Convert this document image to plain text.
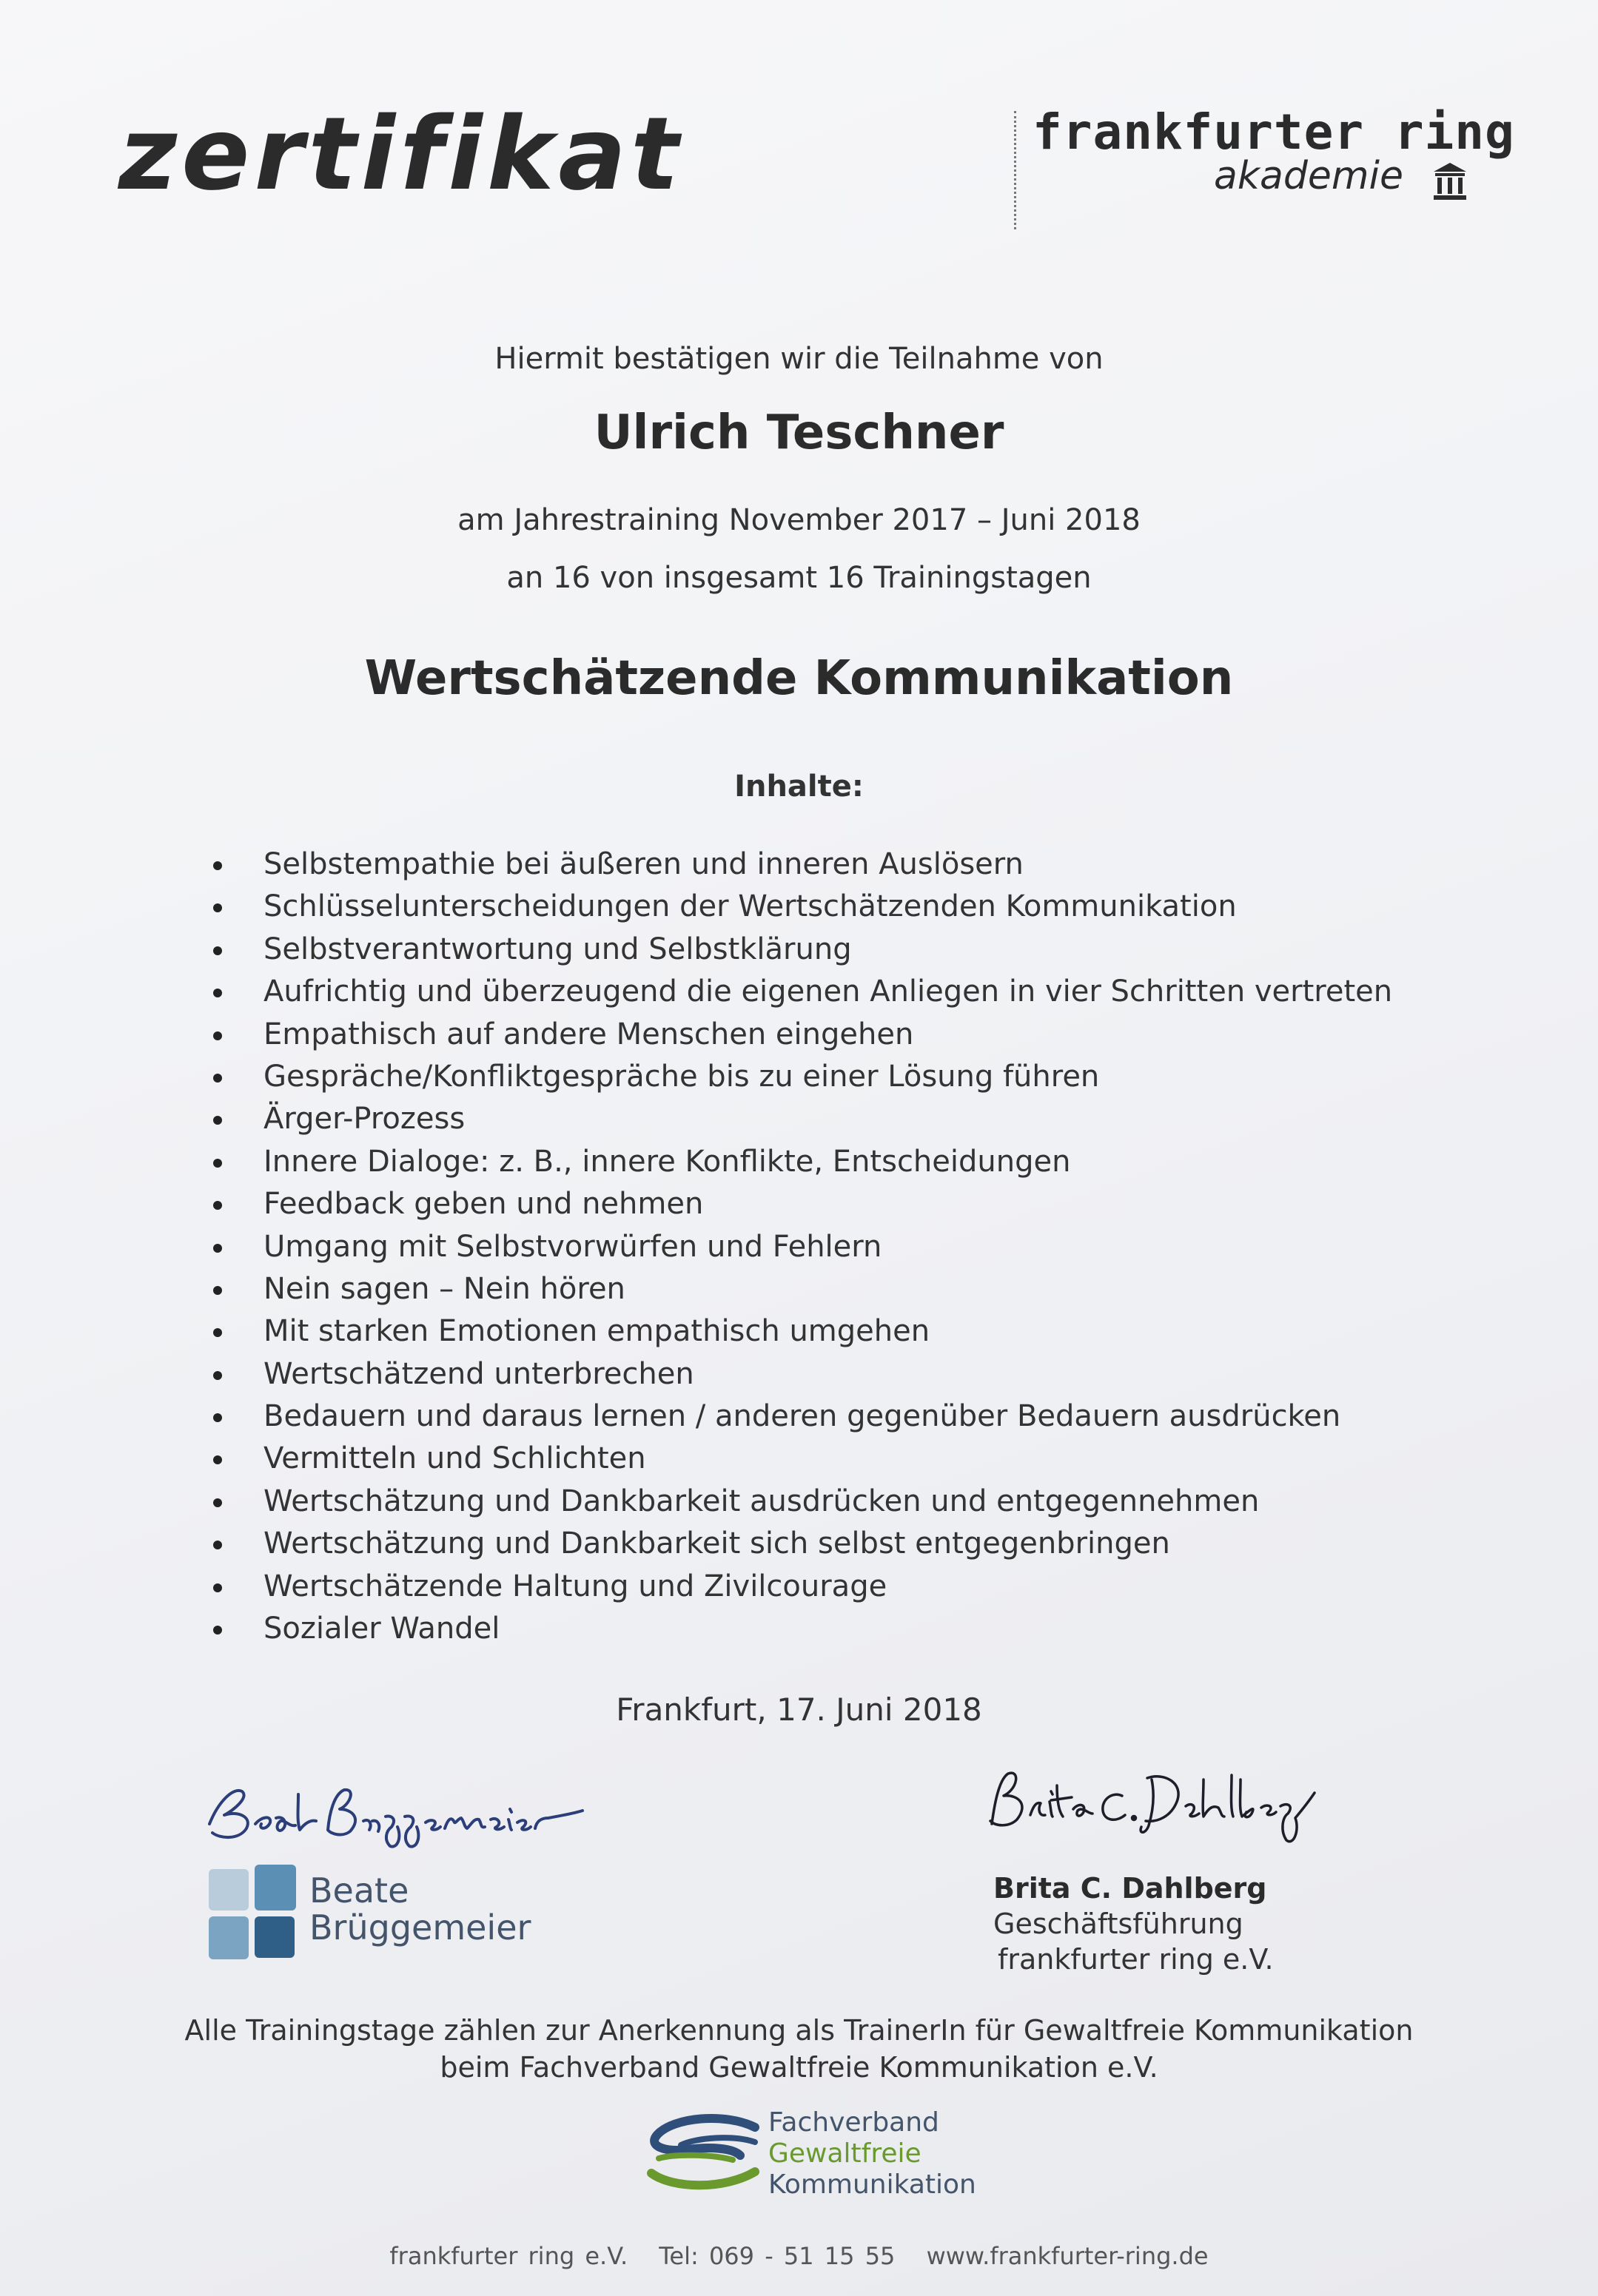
zertifikat	frankfurter ring
akademie
Hiermit bestätigen wir die Teilnahme von
Ulrich Teschner
am Jahrestraining November 2017 – Juni 2018
an 16 von insgesamt 16 Trainingstagen
Wertschätzende Kommunikation
Inhalte:
Selbstempathie bei äußeren und inneren Auslösern
Schlüsselunterscheidungen der Wertschätzenden Kommunikation
Selbstverantwortung und Selbstklärung
Aufrichtig und überzeugend die eigenen Anliegen in vier Schritten vertreten
Empathisch auf andere Menschen eingehen
Gespräche/Konfliktgespräche bis zu einer Lösung führen
Ärger-Prozess
Innere Dialoge: z. B., innere Konflikte, Entscheidungen
Feedback geben und nehmen
Umgang mit Selbstvorwürfen und Fehlern
Nein sagen – Nein hören
Mit starken Emotionen empathisch umgehen
Wertschätzend unterbrechen
Bedauern und daraus lernen / anderen gegenüber Bedauern ausdrücken
Vermitteln und Schlichten
Wertschätzung und Dankbarkeit ausdrücken und entgegennehmen
Wertschätzung und Dankbarkeit sich selbst entgegenbringen
Wertschätzende Haltung und Zivilcourage
Sozialer Wandel
Frankfurt, 17. Juni 2018
Beate
Brüggemeier
Brita C. Dahlberg
Geschäftsführung
frankfurter ring e.V.
Alle Trainingstage zählen zur Anerkennung als TrainerIn für Gewaltfreie Kommunikation
beim Fachverband Gewaltfreie Kommunikation e.V.
Fachverband
Gewaltfreie
Kommunikation
frankfurter ring e.V. Tel: 069 - 51 15 55 www.frankfurter-ring.de
